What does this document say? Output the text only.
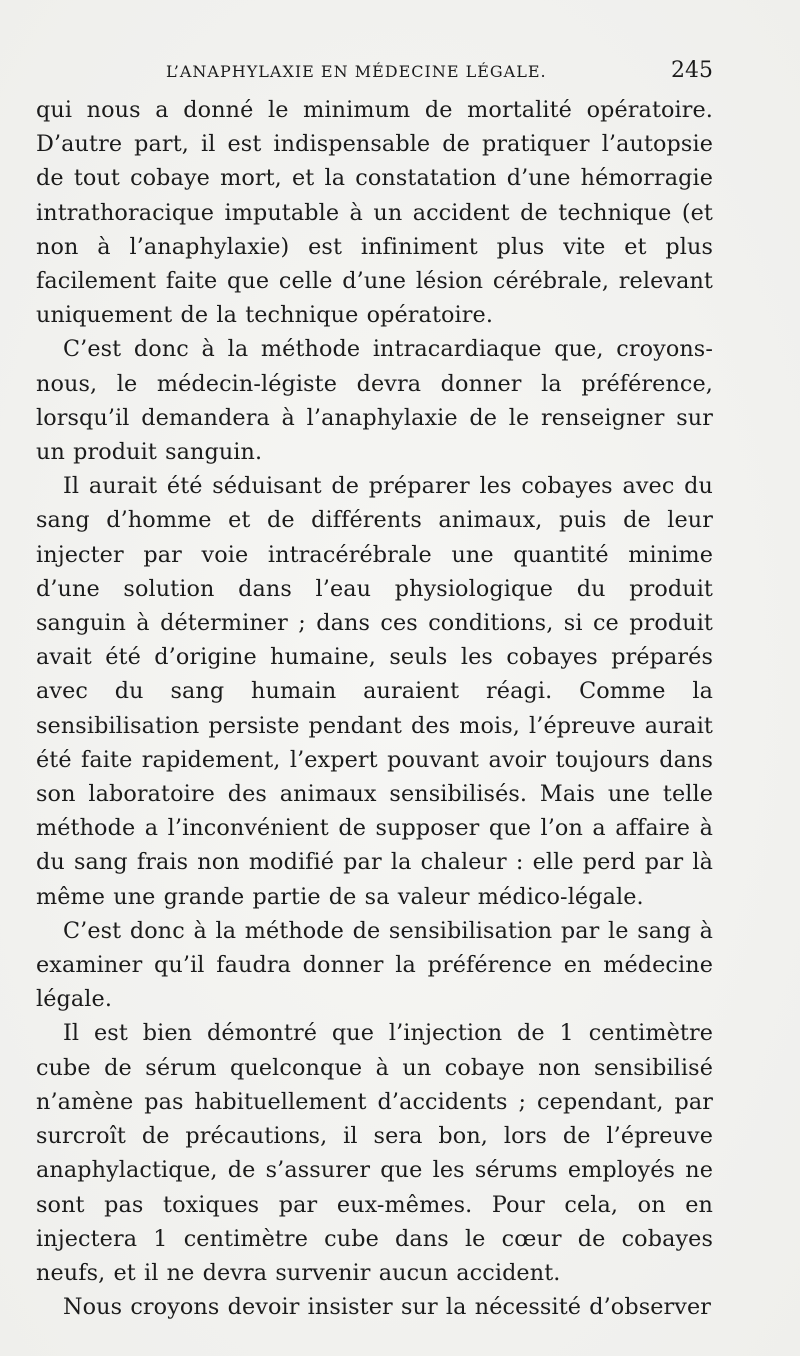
L’ANAPHYLAXIE EN MÉDECINE LÉGALE.	245

qui nous a donné le minimum de mortalité opératoire. D’autre part, il est indispensable de pratiquer l’autopsie de tout cobaye mort, et la constatation d’une hémorragie intrathoracique imputable à un accident de technique (et non à l’anaphylaxie) est infiniment plus vite et plus facilement faite que celle d’une lésion cérébrale, relevant uniquement de la technique opératoire.

C’est donc à la méthode intracardiaque que, croyons-nous, le médecin-légiste devra donner la préférence, lorsqu’il demandera à l’anaphylaxie de le renseigner sur un produit sanguin.

Il aurait été séduisant de préparer les cobayes avec du sang d’homme et de différents animaux, puis de leur injecter par voie intracérébrale une quantité minime d’une solution dans l’eau physiologique du produit sanguin à déterminer ; dans ces conditions, si ce produit avait été d’origine humaine, seuls les cobayes préparés avec du sang humain auraient réagi. Comme la sensibilisation persiste pendant des mois, l’épreuve aurait été faite rapidement, l’expert pouvant avoir toujours dans son laboratoire des animaux sensibilisés. Mais une telle méthode a l’inconvénient de supposer que l’on a affaire à du sang frais non modifié par la chaleur : elle perd par là même une grande partie de sa valeur médico-légale.

C’est donc à la méthode de sensibilisation par le sang à examiner qu’il faudra donner la préférence en médecine légale.

Il est bien démontré que l’injection de 1 centimètre cube de sérum quelconque à un cobaye non sensibilisé n’amène pas habituellement d’accidents ; cependant, par surcroît de précautions, il sera bon, lors de l’épreuve anaphylactique, de s’assurer que les sérums employés ne sont pas toxiques par eux-mêmes. Pour cela, on en injectera 1 centimètre cube dans le cœur de cobayes neufs, et il ne devra survenir aucun accident.

Nous croyons devoir insister sur la nécessité d’observer
